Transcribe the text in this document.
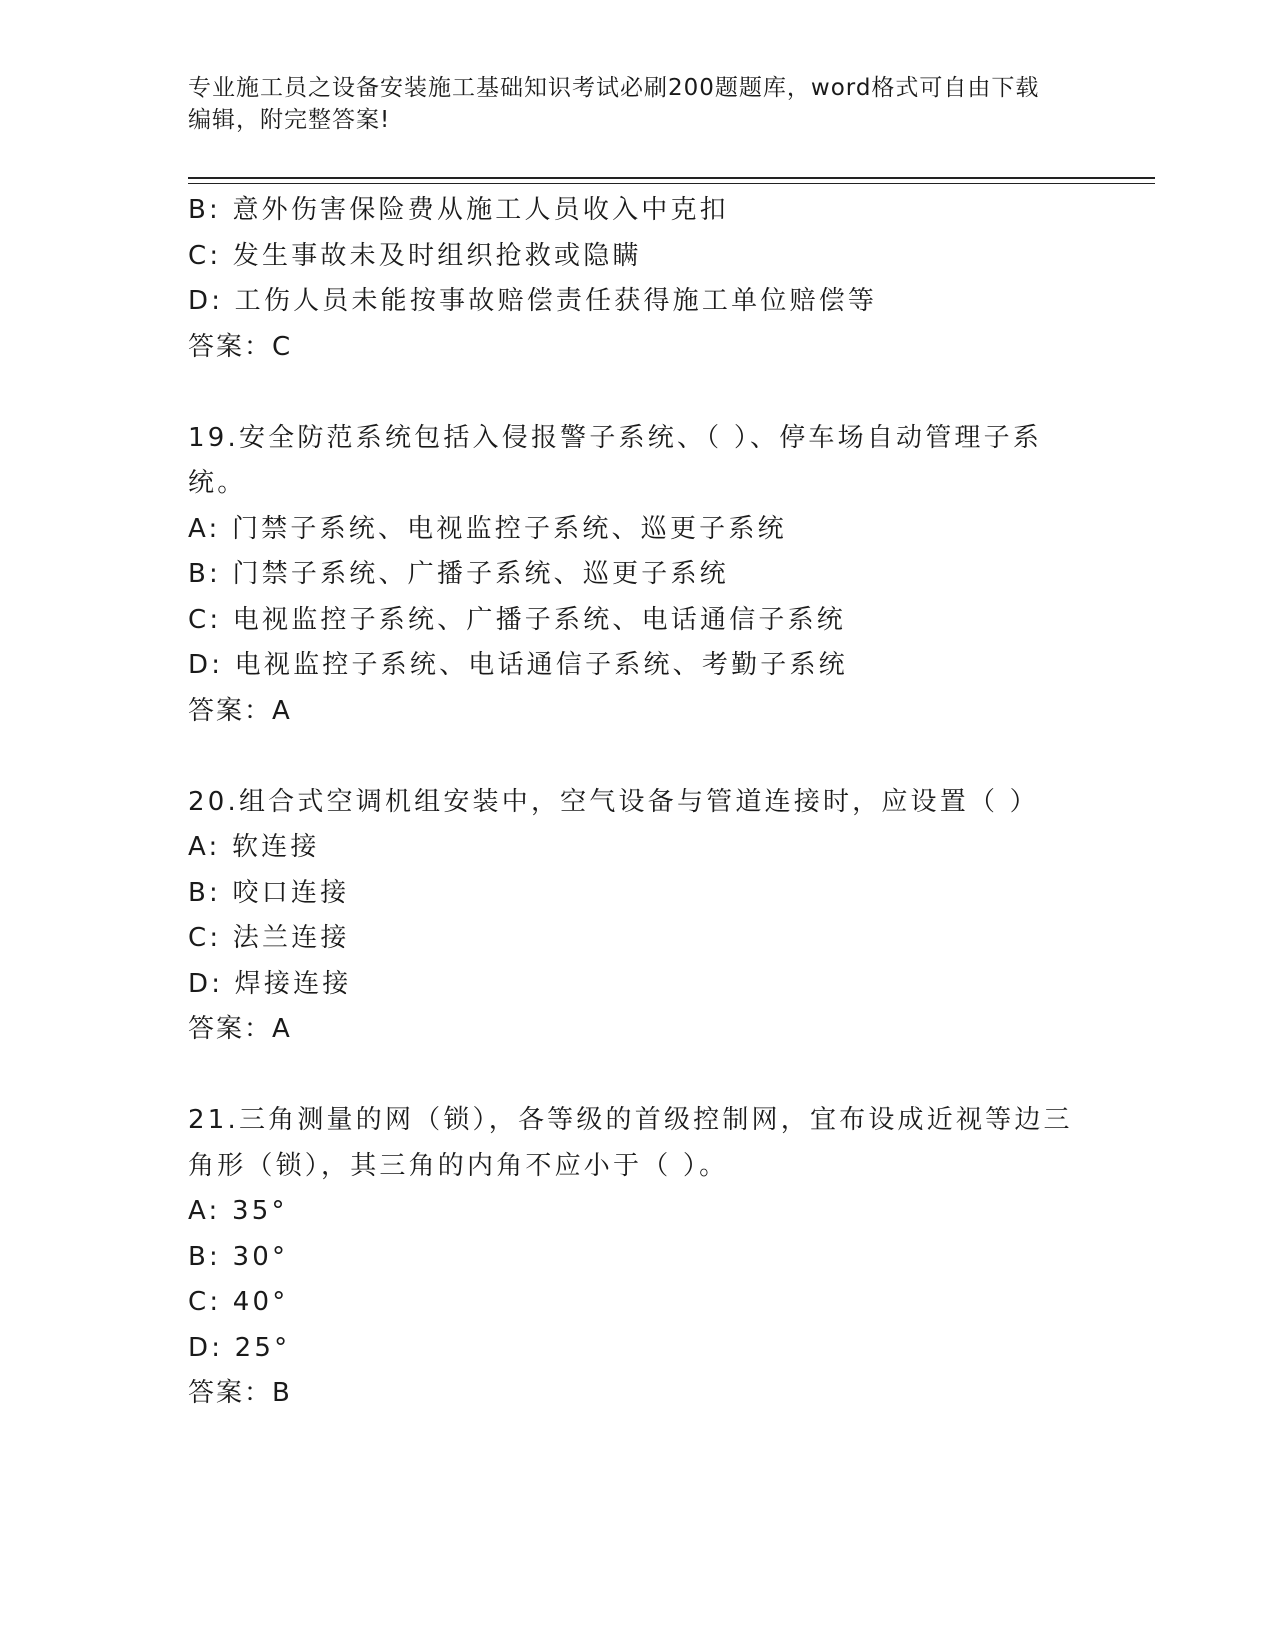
专业施工员之设备安装施工基础知识考试必刷200题题库，word格式可自由下载
编辑，附完整答案!
B: 意外伤害保险费从施工人员收入中克扣
C: 发生事故未及时组织抢救或隐瞒
D: 工伤人员未能按事故赔偿责任获得施工单位赔偿等
答案：C
19.安全防范系统包括入侵报警子系统、（ ）、停车场自动管理子系
统。
A: 门禁子系统、电视监控子系统、巡更子系统
B: 门禁子系统、广播子系统、巡更子系统
C: 电视监控子系统、广播子系统、电话通信子系统
D: 电视监控子系统、电话通信子系统、考勤子系统
答案：A
20.组合式空调机组安装中，空气设备与管道连接时，应设置（ ）
A: 软连接
B: 咬口连接
C: 法兰连接
D: 焊接连接
答案：A
21.三角测量的网（锁），各等级的首级控制网，宜布设成近视等边三
角形（锁），其三角的内角不应小于（ ）。
A: 35°
B: 30°
C: 40°
D: 25°
答案：B
